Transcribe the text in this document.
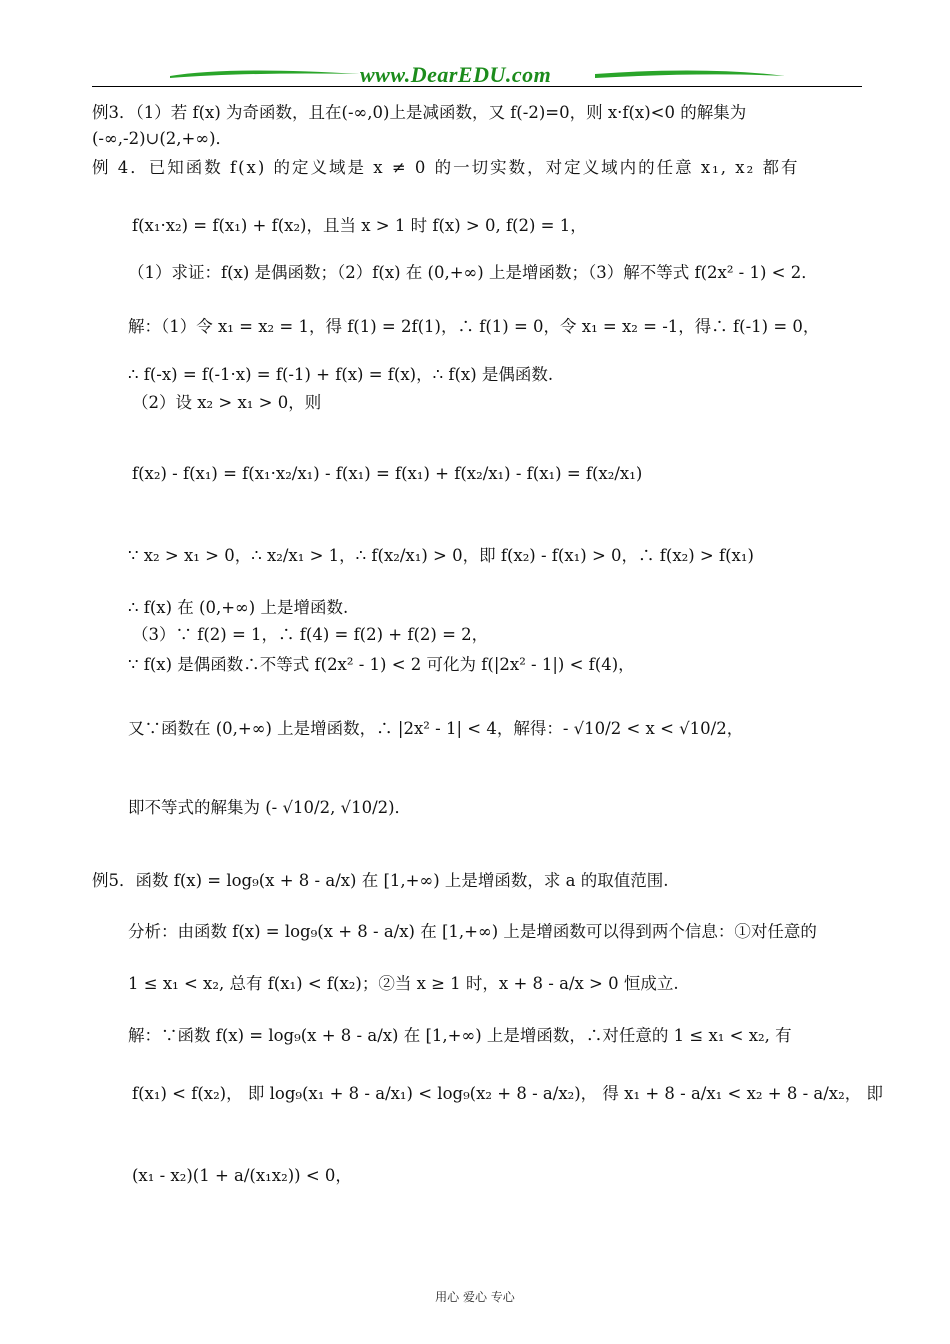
www.DearEDU.com
例3．（1）若 f(x) 为奇函数，且在(-∞,0)上是减函数，又 f(-2)=0，则 x·f(x)<0 的解集为
(-∞,-2)∪(2,+∞)．
例 4．已知函数 f(x) 的定义域是 x ≠ 0 的一切实数，对定义域内的任意 x₁, x₂ 都有
f(x₁·x₂) = f(x₁) + f(x₂)，且当 x > 1 时 f(x) > 0, f(2) = 1，
（1）求证：f(x) 是偶函数；（2）f(x) 在 (0,+∞) 上是增函数；（3）解不等式 f(2x² - 1) < 2．
解：（1）令 x₁ = x₂ = 1，得 f(1) = 2f(1)，∴ f(1) = 0，令 x₁ = x₂ = -1，得∴ f(-1) = 0，
∴ f(-x) = f(-1·x) = f(-1) + f(x) = f(x)，∴ f(x) 是偶函数.
（2）设 x₂ > x₁ > 0，则
f(x₂) - f(x₁) = f(x₁·x₂/x₁) - f(x₁) = f(x₁) + f(x₂/x₁) - f(x₁) = f(x₂/x₁)
∵ x₂ > x₁ > 0，∴ x₂/x₁ > 1，∴ f(x₂/x₁) > 0，即 f(x₂) - f(x₁) > 0，∴ f(x₂) > f(x₁)
∴ f(x) 在 (0,+∞) 上是增函数.
（3）∵ f(2) = 1，∴ f(4) = f(2) + f(2) = 2，
∵ f(x) 是偶函数∴不等式 f(2x² - 1) < 2 可化为 f(|2x² - 1|) < f(4)，
又∵函数在 (0,+∞) 上是增函数，∴ |2x² - 1| < 4，解得：- √10/2 < x < √10/2，
即不等式的解集为 (- √10/2, √10/2)．
例5．函数 f(x) = log₉(x + 8 - a/x) 在 [1,+∞) 上是增函数，求 a 的取值范围.
分析：由函数 f(x) = log₉(x + 8 - a/x) 在 [1,+∞) 上是增函数可以得到两个信息：①对任意的
1 ≤ x₁ < x₂, 总有 f(x₁) < f(x₂)；②当 x ≥ 1 时，x + 8 - a/x > 0 恒成立.
解：∵函数 f(x) = log₉(x + 8 - a/x) 在 [1,+∞) 上是增函数，∴对任意的 1 ≤ x₁ < x₂, 有
f(x₁) < f(x₂)， 即 log₉(x₁ + 8 - a/x₁) < log₉(x₂ + 8 - a/x₂)， 得 x₁ + 8 - a/x₁ < x₂ + 8 - a/x₂， 即
(x₁ - x₂)(1 + a/(x₁x₂)) < 0，
用心 爱心 专心
